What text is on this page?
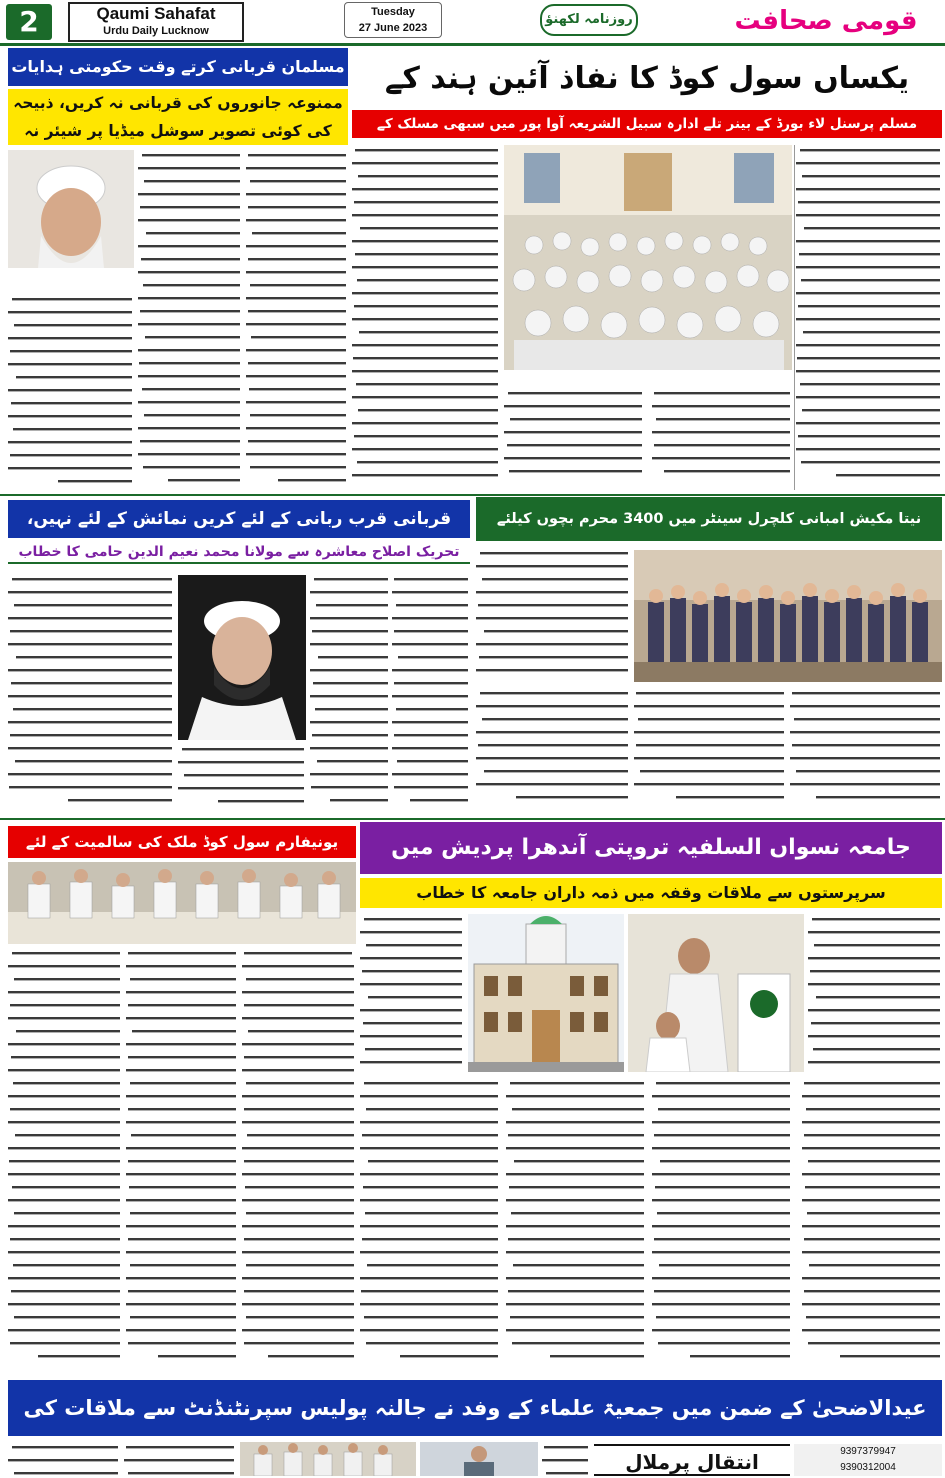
2	Qaumi Sahafat
Urdu Daily Lucknow
Tuesday
27 June 2023
روزنامہ لکھنؤ	قومی صحافت
یکساں سول کوڈ کا نفاذ آئین ہند کے
مسلم پرسنل لاء بورڈ کے بینر تلے ادارہ سبیل الشریعہ آوا پور میں سبھی مسلک کے
مسلمان قربانی کرتے وقت حکومتی ہدایات
ممنوعہ جانوروں کی قربانی نہ کریں، ذبیحہ کی کوئی تصویر سوشل میڈیا پر شیئر نہ
قربانی قرب ربانی کے لئے کریں نمائش کے لئے نہیں،
تحریک اصلاح معاشرہ سے مولانا محمد نعیم الدین حامی کا خطاب
نیتا مکیش امبانی کلچرل سینٹر میں 3400 محرم بچوں کیلئے
یونیفارم سول کوڈ ملک کی سالمیت کے لئے	جامعہ نسواں السلفیہ تروپتی آندھرا پردیش میں
سرپرستوں سے ملاقات وقفہ میں ذمہ داران جامعہ کا خطاب
عیدالاضحیٰ کے ضمن میں جمعیۃ علماء کے وفد نے جالنہ پولیس سپرنٹنڈنٹ سے ملاقات کی
انتقال پرملال	9397379947
9390312004
